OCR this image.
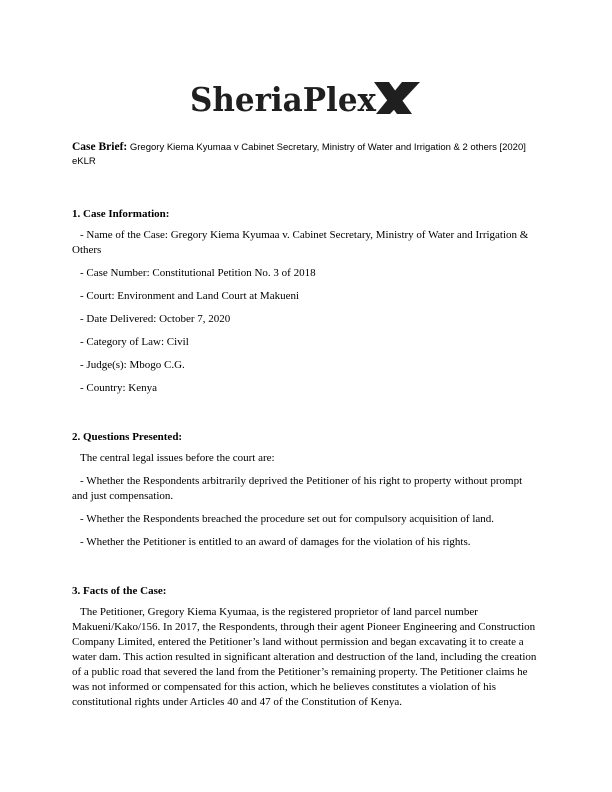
SheriaPlex

Case Brief: Gregory Kiema Kyumaa v Cabinet Secretary, Ministry of Water and Irrigation & 2 others [2020] eKLR

1. Case Information:

- Name of the Case: Gregory Kiema Kyumaa v. Cabinet Secretary, Ministry of Water and Irrigation & Others

- Case Number: Constitutional Petition No. 3 of 2018

- Court: Environment and Land Court at Makueni

- Date Delivered: October 7, 2020

- Category of Law: Civil

- Judge(s): Mbogo C.G.

- Country: Kenya

2. Questions Presented:

The central legal issues before the court are:

- Whether the Respondents arbitrarily deprived the Petitioner of his right to property without prompt and just compensation.

- Whether the Respondents breached the procedure set out for compulsory acquisition of land.

- Whether the Petitioner is entitled to an award of damages for the violation of his rights.

3. Facts of the Case:

The Petitioner, Gregory Kiema Kyumaa, is the registered proprietor of land parcel number Makueni/Kako/156. In 2017, the Respondents, through their agent Pioneer Engineering and Construction Company Limited, entered the Petitioner’s land without permission and began excavating it to create a water dam. This action resulted in significant alteration and destruction of the land, including the creation of a public road that severed the land from the Petitioner’s remaining property. The Petitioner claims he was not informed or compensated for this action, which he believes constitutes a violation of his constitutional rights under Articles 40 and 47 of the Constitution of Kenya.
